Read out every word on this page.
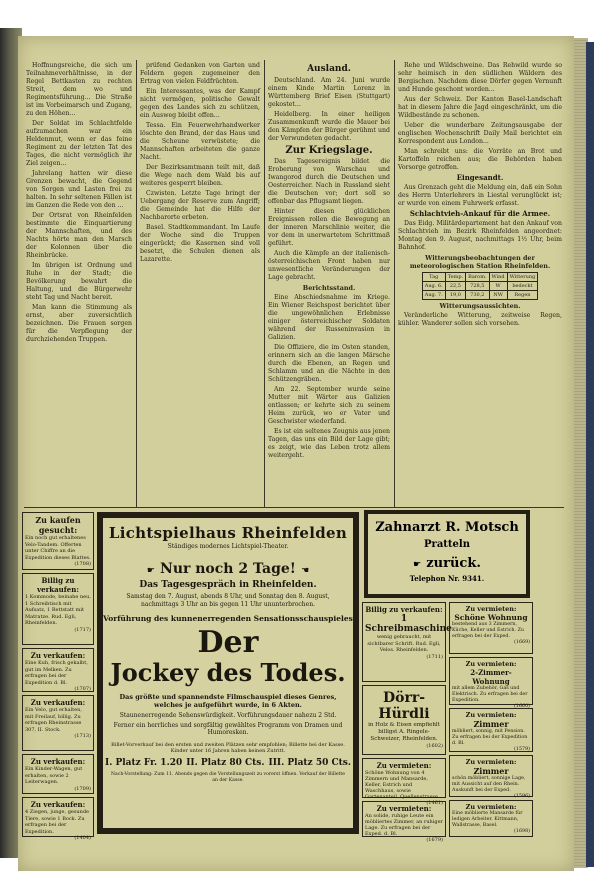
Hoffnungsreiche, die sich um Teilnahmeverhältnisse, in der Regel Bettkasten zu rechten Streit, dem wo und Regimentsführung... Die Straße ist im Vorbeimarsch und Zugang, zu den Höhen...

Der Soldat im Schlachtfelde aufzumachen war ein Heldenmut, wenn er das feine Regiment zu der letzten Tat des Tages, die nicht vermöglich ihr Ziel zeigen...

Jahrelang hatten wir diese Grenzen bewacht, die Gegend von Sorgen und Lasten frei zu halten. In sehr seltenen Fällen ist im Ganzen die Rede von den ...

Der Ortsrat von Rheinfelden bestimmte die Einquartierung der Mannschaften, und des Nachts hörte man den Marsch der Kolonnen über die Rheinbrücke.

Im übrigen ist Ordnung und Ruhe in der Stadt; die Bevölkerung bewahrt die Haltung, und die Bürgerwehr steht Tag und Nacht bereit.

Man kann die Stimmung als ernst, aber zuversichtlich bezeichnen. Die Frauen sorgen für die Verpflegung der durchziehenden Truppen.

prüfend Gedanken von Garten und Feldern gegen zugemeiner den Ertrag von vielen Feldfrüchten.

Ein Interessantes, was der Kampf nicht vermögen, politische Gewalt gegen des Landes sich zu schützen, ein Ausweg bleibt offen...

Tessa. Ein Feuerwehrhandwerker löschte den Brand, der das Haus und die Scheune verwüstete; die Mannschaften arbeiteten die ganze Nacht.

Der Bezirksamtmann teilt mit, daß die Wege nach dem Wald bis auf weiteres gesperrt bleiben.

Czwisten. Letzte Tage bringt der Uebergang der Reserve zum Angriff; die Gemeinde hat die Hilfe der Nachbarorte erbeten.

Basel. Stadtkommandant. Im Laufe der Woche sind die Truppen eingerückt; die Kasernen sind voll besetzt, die Schulen dienen als Lazarette.

Ausland.

Deutschland. Am 24. Juni wurde einem Kinde Martin Lorenz in Württemberg Brief Eisen (Stuttgart) gekostet...

Heidelberg. In einer heiligen Zusammenkunft wurde die Mauer bei den Kämpfen der Bürger gerühmt und der Verwundeten gedacht.

Zur Kriegslage.

Das Tagesereignis bildet die Eroberung von Warschau und Iwangorod durch die Deutschen und Oesterreicher. Nach in Russland sieht die Deutschen vor; dort soll so offenbar das Pflugsamt liegen.

Hinter diesen glücklichen Ereignissen rollen die Bewegung an der inneren Marschlinie weiter, die vor dem in unerwartetem Schrittmaß geführt.

Auch die Kämpfe an der italienisch-österreichischen Front haben nur unwesentliche Veränderungen der Lage gebracht.

Berichtsstand.

Eine Abschiedsnahme im Kriege. Ein Wiener Reichspost berichtet über die ungewöhnlichen Erlebnisse einiger österreichischer Soldaten während der Russeninvasion in Galizien.

Die Offiziere, die im Osten standen, erinnern sich an die langen Märsche durch die Ebenen, an Regen und Schlamm und an die Nächte in den Schützengräben.

Am 22. September wurde seine Mutter mit Wärter aus Galizien entlassen; er kehrte sich zu seinem Heim zurück, wo er Vater und Geschwister wiederfand.

Es ist ein seltenes Zeugnis aus jenen Tagen, das uns ein Bild der Lage gibt; es zeigt, wie das Leben trotz allem weitergeht.

Rehe und Wildschweine. Das Rehwild wurde so sehr heimisch in den südlichen Wäldern des Bergischen. Nachdem diese Dörfer gegen Vernunft und Hunde geschont worden...

Aus der Schweiz. Der Kanton Basel-Landschaft hat in diesem Jahre die Jagd eingeschränkt, um die Wildbestände zu schonen.

Ueber die wunderbare Zeitungsausgabe der englischen Wochenschrift Daily Mail berichtet ein Korrespondent aus London...

Man schreibt uns: die Vorräte an Brot und Kartoffeln reichen aus; die Behörden haben Vorsorge getroffen.

Eingesandt.

Aus Grenzach geht die Meldung ein, daß ein Sohn des Herrn Unterlehrers in Liestal verunglückt ist; er wurde von einem Fuhrwerk erfasst.

Schlachtvieh-Ankauf für die Armee.

Das Eidg. Militärdepartement hat den Ankauf von Schlachtvieh im Bezirk Rheinfelden angeordnet: Montag den 9. August, nachmittags 1½ Uhr, beim Bahnhof.

Witterungsbeobachtungen der meteorologischen Station Rheinfelden.
Tag	Temp.	Barom.	Wind	Witterung
Aug. 6.	22,5	728,5	W	bedeckt
Aug. 7.	19,0	730,2	NW	Regen
Witterungsaussichten.

Veränderliche Witterung, zeitweise Regen, kühler. Wanderer sollen sich vorsehen.

Zu kaufen gesucht:
Ein noch gut erhaltenes Velo-Tandem. Offerten unter Chiffre an die Expedition dieses Blattes.
(1708)
Billig zu verkaufen:
1 Kommode, beinahe neu, 1 Schreibtisch mit Aufsatz, 1 Bettstatt mit Matratze. Rud. Egli, Rheinfelden.
(1717)
Zu verkaufen:
Eine Kuh, frisch gekalbt, gut im Melken. Zu erfragen bei der Expedition d. Bl.
(1707)
Zu verkaufen:
Ein Velo, gut erhalten, mit Freilauf, billig. Zu erfragen Rheinstrasse 307, II. Stock.
(1713)
Zu verkaufen:
Ein Kinder-Wagen, gut erhalten, sowie 2 Leiterwagen.
(1709)
Zu verkaufen:
4 Ziegen, junge, gesunde Tiere, sowie 1 Bock. Zu erfragen bei der Expedition.
(1404)
Lichtspielhaus Rheinfelden
Ständiges modernes Lichtspiel-Theater.
☛ Nur noch 2 Tage! ☚
Das Tagesgespräch in Rheinfelden.
Samstag den 7. August, abends 8 Uhr, und Sonntag den 8. August, nachmittags 3 Uhr an bis gegen 11 Uhr ununterbrochen.
Vorführung des kunnenerregenden Sensationsschauspieles
Der
Jockey des Todes.
Das größte und spannendste Filmschauspiel dieses Genres, welches je aufgeführt wurde, in 6 Akten.
Staunenerregende Sehenswürdigkeit. Vorführungsdauer nahezu 2 Std.
Ferner ein herrliches und sorgfältig gewähltes Programm von Dramen und Humoresken.
Billet-Vorverkauf bei den ersten und zweiten Plätzen sehr empfohlen; Billette bei der Kasse. Kinder unter 16 Jahren haben keinen Zutritt.
I. Platz Fr. 1.20 II. Platz 80 Cts. III. Platz 50 Cts.
Nach-Vorstellung: Zum 11. Abends gegen die Vorstellungszeit zu vorerst öffnen. Verkauf der Billette an der Kasse.
Zahnarzt R. Motsch
Pratteln
☛ zurück.
Telephon Nr. 9341.
Billig zu verkaufen:
1 Schreibmaschine
wenig gebraucht, mit sichtbarer Schrift. Rud. Egli, Velos. Rheinfelden.
(1711)
Dörr-Hürdli
in Holz & Eisen empfiehlt billigst A. Ringele-Schweizer, Rheinfelden.
(1602)
Zu vermieten:
Schöne Wohnung von 4 Zimmern und Mansarde, Keller, Estrich und Waschhaus, sowie Gartenanteil. Quellenstrasse.
(1461)
Zu vermieten:
An solide, ruhige Leute ein möbliertes Zimmer, an ruhiger Lage. Zu erfragen bei der Exped. d. Bl.
(1679)
Zu vermieten:
Schöne Wohnung
bestehend aus 3 Zimmern, Küche, Keller und Estrich. Zu erfragen bei der Exped.
(1669)
Zu vermieten:
2-Zimmer-Wohnung
mit allem Zubehör, Gas und Elektrisch. Zu erfragen bei der Expedition.
(1660)
Zu vermieten:
Zimmer
möbliert, sonnig, mit Pension. Zu erfragen bei der Expedition d. Bl.
(1579)
Zu vermieten:
Zimmer
schön möbliert, sonnige Lage, mit Aussicht auf den Rhein. Auskunft bei der Exped.
(1596)
Zu vermieten:
Eine möblierte Mansarde für ledigen Arbeiter. Kittmann, Wallstrasse, Basel.
(1698)
